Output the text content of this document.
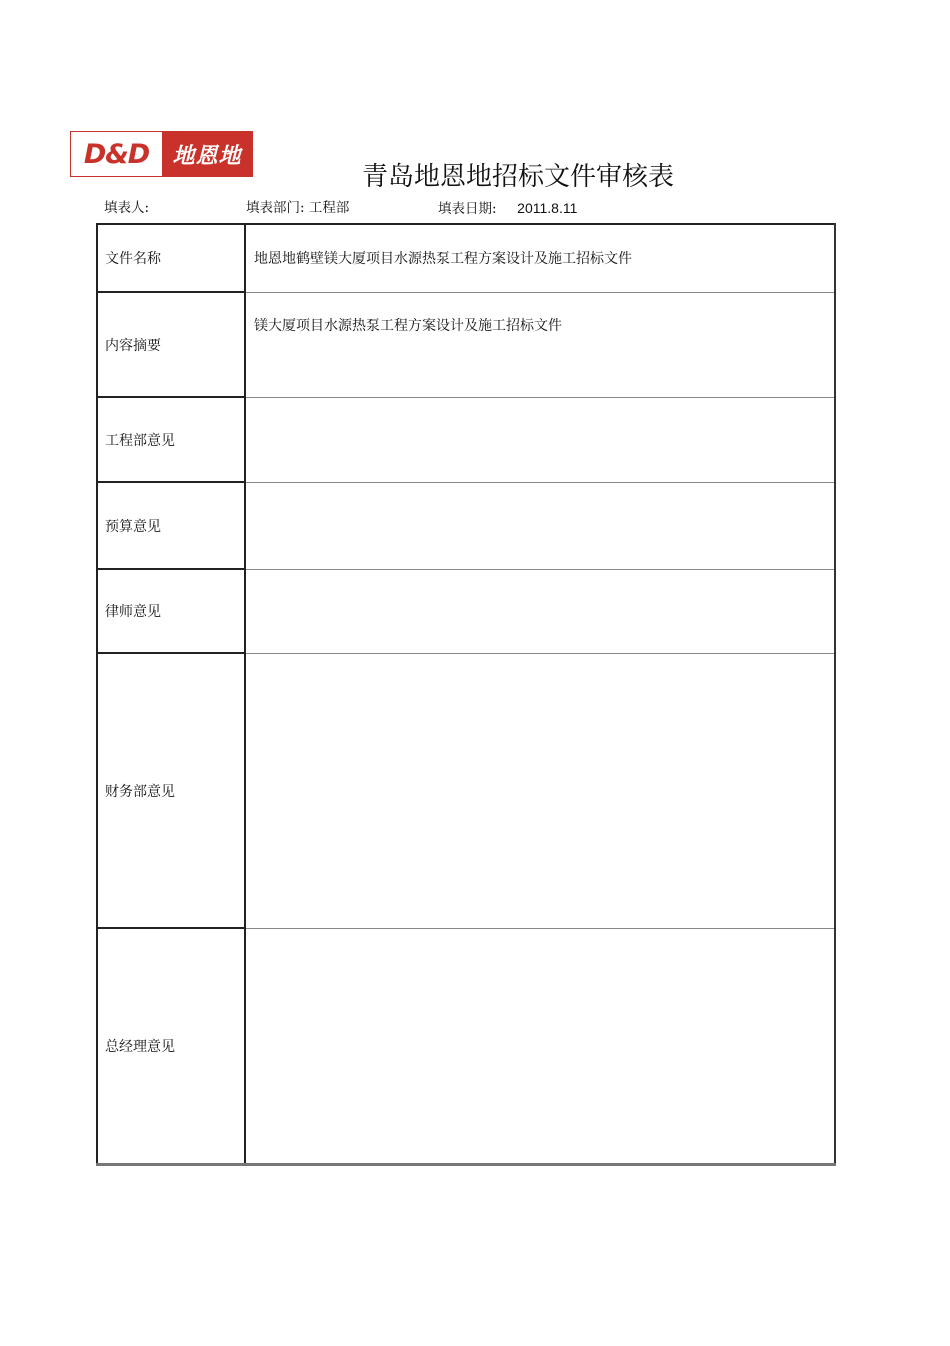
D&D	地恩地
青岛地恩地招标文件审核表
填表人:	填表部门: 工程部	填表日期: 2011.8.11
文件名称	地恩地鹤壁镁大厦项目水源热泵工程方案设计及施工招标文件
内容摘要	镁大厦项目水源热泵工程方案设计及施工招标文件
工程部意见	
预算意见	
律师意见	
财务部意见	
总经理意见	
